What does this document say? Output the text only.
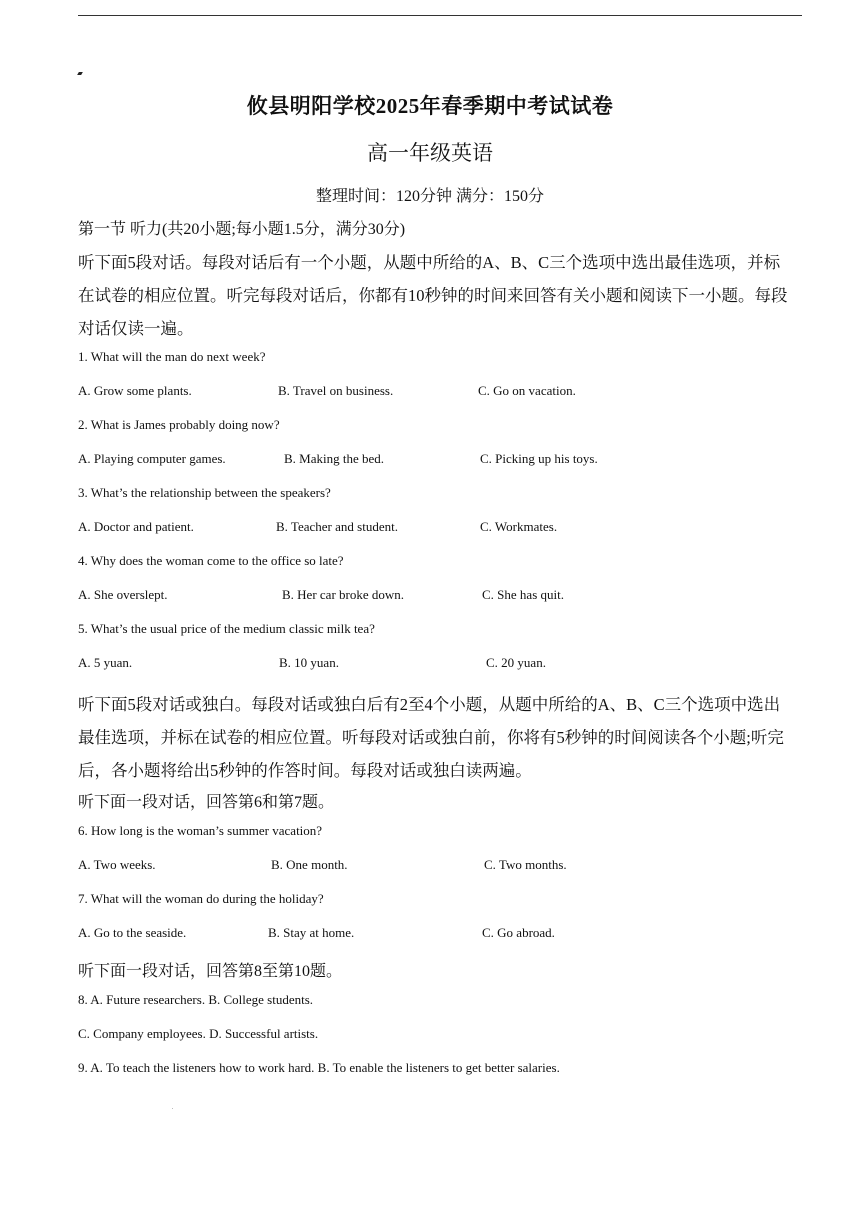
攸县明阳学校2025年春季期中考试试卷
高一年级英语
整理时间：120分钟 满分：150分
第一节 听力(共20小题;每小题1.5分，满分30分)
听下面5段对话。每段对话后有一个小题，从题中所给的A、B、C三个选项中选出最佳选项，并标在试卷的相应位置。听完每段对话后，你都有10秒钟的时间来回答有关小题和阅读下一小题。每段对话仅读一遍。
1. What will the man do next week?
A. Grow some plants.	B. Travel on business.	C. Go on vacation.
2. What is James probably doing now?
A. Playing computer games.	B. Making the bed.	C. Picking up his toys.
3. What’s the relationship between the speakers?
A. Doctor and patient.	B. Teacher and student.	C. Workmates.
4. Why does the woman come to the office so late?
A. She overslept.	B. Her car broke down.	C. She has quit.
5. What’s the usual price of the medium classic milk tea?
A. 5 yuan.	B. 10 yuan.	C. 20 yuan.
听下面5段对话或独白。每段对话或独白后有2至4个小题，从题中所给的A、B、C三个选项中选出最佳选项，并标在试卷的相应位置。听每段对话或独白前，你将有5秒钟的时间阅读各个小题;听完后，各小题将给出5秒钟的作答时间。每段对话或独白读两遍。
听下面一段对话，回答第6和第7题。
6. How long is the woman’s summer vacation?
A. Two weeks.	B. One month.	C. Two months.
7. What will the woman do during the holiday?
A. Go to the seaside.	B. Stay at home.	C. Go abroad.
听下面一段对话，回答第8至第10题。
8. A. Future researchers. B. College students.
C. Company employees. D. Successful artists.
9. A. To teach the listeners how to work hard. B. To enable the listeners to get better salaries.
